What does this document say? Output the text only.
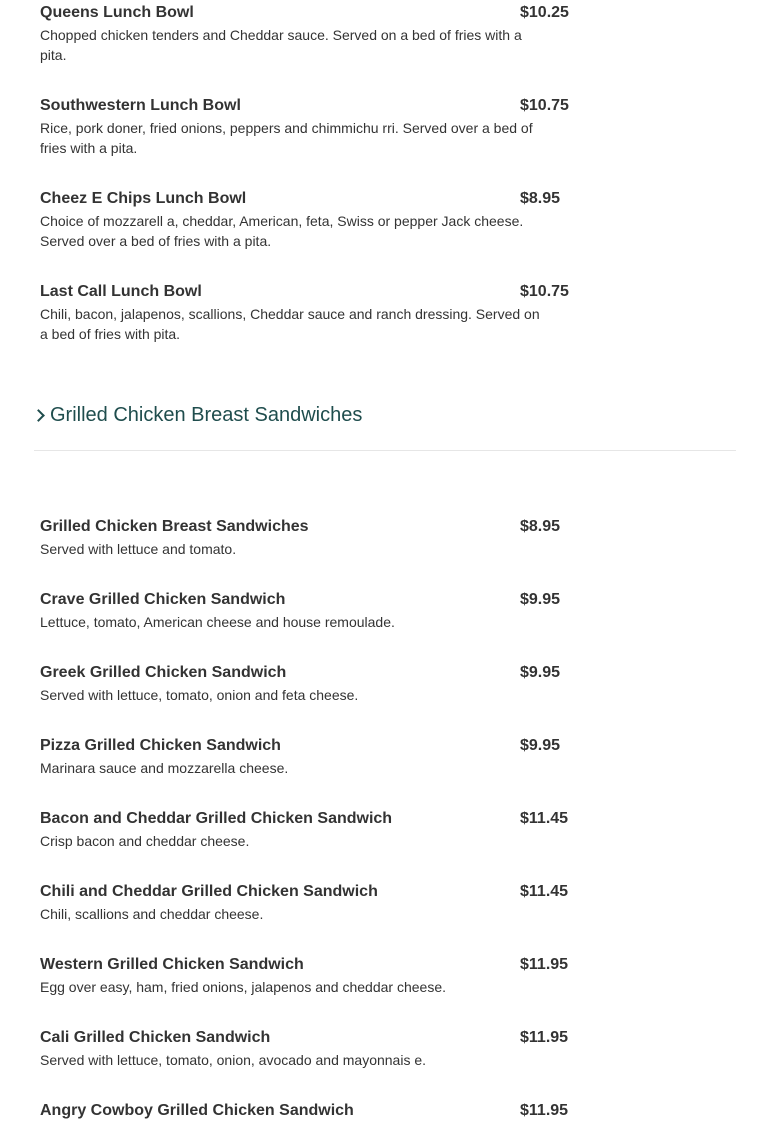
Queens Lunch Bowl	$10.25
Chopped chicken tenders and Cheddar sauce. Served on a bed of fries with a pita.
Southwestern Lunch Bowl	$10.75
Rice, pork doner, fried onions, peppers and chimmichu rri. Served over a bed of fries with a pita.
Cheez E Chips Lunch Bowl	$8.95
Choice of mozzarell a, cheddar, American, feta, Swiss or pepper Jack cheese. Served over a bed of fries with a pita.
Last Call Lunch Bowl	$10.75
Chili, bacon, jalapenos, scallions, Cheddar sauce and ranch dressing. Served on a bed of fries with pita.
Grilled Chicken Breast Sandwiches
Grilled Chicken Breast Sandwiches	$8.95
Served with lettuce and tomato.
Crave Grilled Chicken Sandwich	$9.95
Lettuce, tomato, American cheese and house remoulade.
Greek Grilled Chicken Sandwich	$9.95
Served with lettuce, tomato, onion and feta cheese.
Pizza Grilled Chicken Sandwich	$9.95
Marinara sauce and mozzarella cheese.
Bacon and Cheddar Grilled Chicken Sandwich	$11.45
Crisp bacon and cheddar cheese.
Chili and Cheddar Grilled Chicken Sandwich	$11.45
Chili, scallions and cheddar cheese.
Western Grilled Chicken Sandwich	$11.95
Egg over easy, ham, fried onions, jalapenos and cheddar cheese.
Cali Grilled Chicken Sandwich	$11.95
Served with lettuce, tomato, onion, avocado and mayonnais e.
Angry Cowboy Grilled Chicken Sandwich	$11.95
